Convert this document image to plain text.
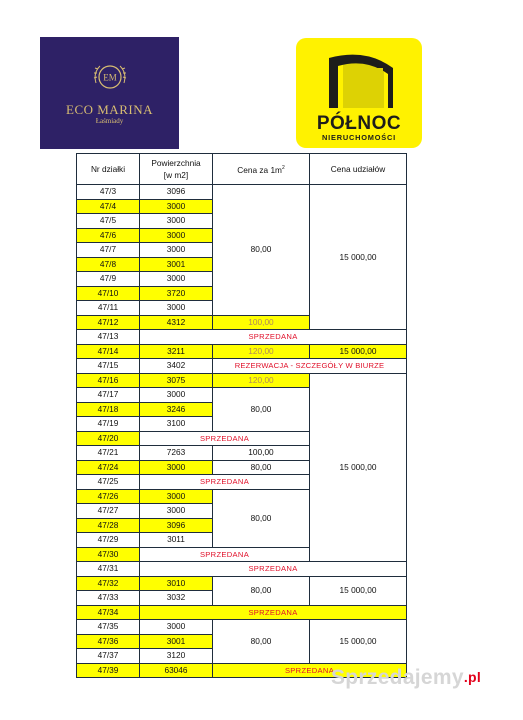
EM
ECO MARINA
Łaśmiady	PÓŁNOC
NIERUCHOMOŚCI
Nr działki	Powierzchnia
[w m2]	Cena za $1m^2$	Cena udziałów
47/3	3096	80,00	15 000,00
47/4	3000		
47/5	3000		
47/6	3000		
47/7	3000		
47/8	3001		
47/9	3000		
47/10	3720		
47/11	3000		
47/12	4312	100,00	
47/13	SPRZEDANA		
47/14	3211	120,00	15 000,00
47/15	3402	REZERWACJA - SZCZEGÓŁY W BIURZE	
47/16	3075	120,00	15 000,00
47/17	3000	80,00	
47/18	3246		
47/19	3100		
47/20	SPRZEDANA		
47/21	7263	100,00	
47/24	3000	80,00	
47/25	SPRZEDANA		
47/26	3000	80,00	
47/27	3000		
47/28	3096		
47/29	3011		
47/30	SPRZEDANA		
47/31	SPRZEDANA		
47/32	3010	80,00	15 000,00
47/33	3032		
47/34	SPRZEDANA		
47/35	3000	80,00	15 000,00
47/36	3001		
47/37	3120		
47/39	63046	SPRZEDANA	
Sprzedajemy$^{.pl}$
